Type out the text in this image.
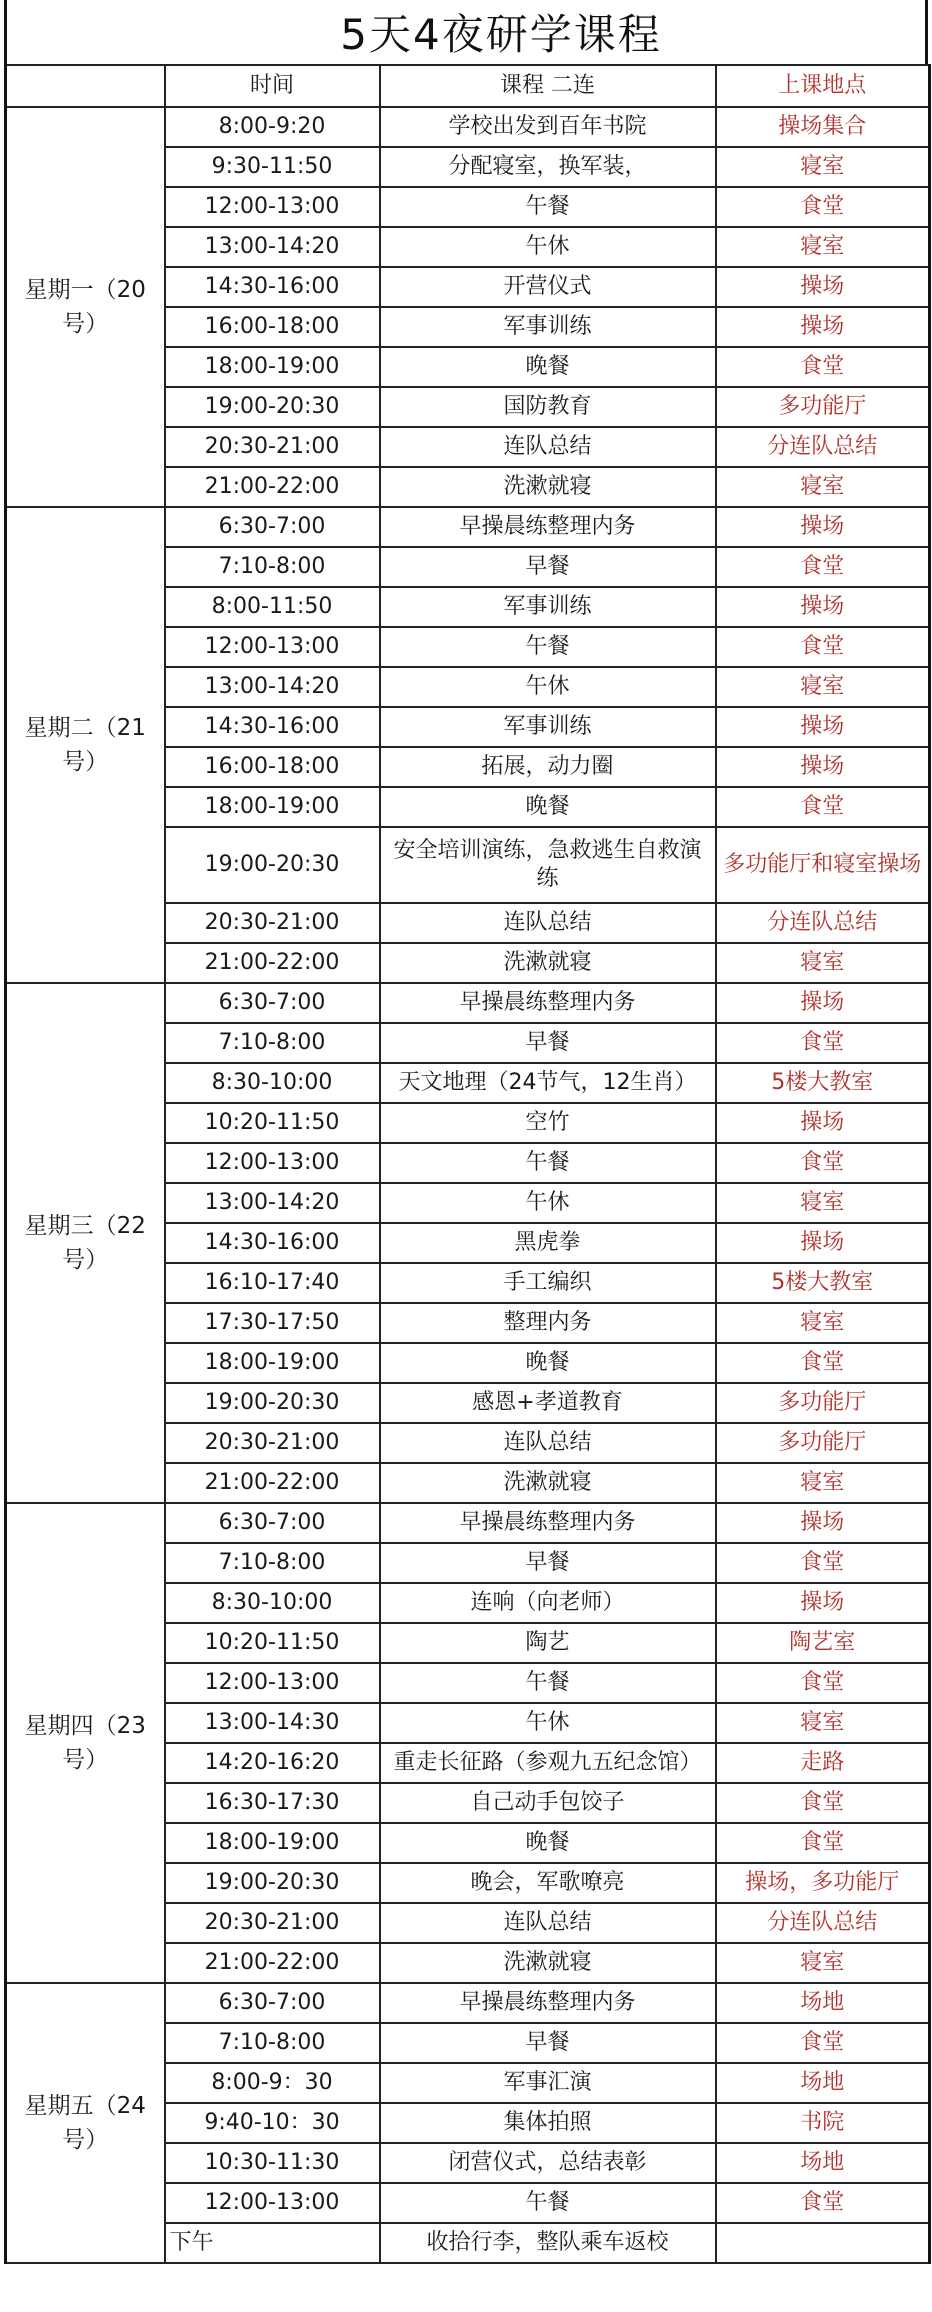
5天4夜研学课程
	时间	课程 二连	上课地点
星期一（20号）	8:00-9:20	学校出发到百年书院	操场集合
	9:30-11:50	分配寝室，换军装，	寝室
	12:00-13:00	午餐	食堂
	13:00-14:20	午休	寝室
	14:30-16:00	开营仪式	操场
	16:00-18:00	军事训练	操场
	18:00-19:00	晚餐	食堂
	19:00-20:30	国防教育	多功能厅
	20:30-21:00	连队总结	分连队总结
	21:00-22:00	洗漱就寝	寝室
星期二（21号）	6:30-7:00	早操晨练整理内务	操场
	7:10-8:00	早餐	食堂
	8:00-11:50	军事训练	操场
	12:00-13:00	午餐	食堂
	13:00-14:20	午休	寝室
	14:30-16:00	军事训练	操场
	16:00-18:00	拓展，动力圈	操场
	18:00-19:00	晚餐	食堂
	19:00-20:30	安全培训演练，急救逃生自救演练	多功能厅和寝室操场
	20:30-21:00	连队总结	分连队总结
	21:00-22:00	洗漱就寝	寝室
星期三（22号）	6:30-7:00	早操晨练整理内务	操场
	7:10-8:00	早餐	食堂
	8:30-10:00	天文地理（24节气，12生肖）	5楼大教室
	10:20-11:50	空竹	操场
	12:00-13:00	午餐	食堂
	13:00-14:20	午休	寝室
	14:30-16:00	黑虎拳	操场
	16:10-17:40	手工编织	5楼大教室
	17:30-17:50	整理内务	寝室
	18:00-19:00	晚餐	食堂
	19:00-20:30	感恩+孝道教育	多功能厅
	20:30-21:00	连队总结	多功能厅
	21:00-22:00	洗漱就寝	寝室
星期四（23号）	6:30-7:00	早操晨练整理内务	操场
	7:10-8:00	早餐	食堂
	8:30-10:00	连响（向老师）	操场
	10:20-11:50	陶艺	陶艺室
	12:00-13:00	午餐	食堂
	13:00-14:30	午休	寝室
	14:20-16:20	重走长征路（参观九五纪念馆）	走路
	16:30-17:30	自己动手包饺子	食堂
	18:00-19:00	晚餐	食堂
	19:00-20:30	晚会，军歌嘹亮	操场，多功能厅
	20:30-21:00	连队总结	分连队总结
	21:00-22:00	洗漱就寝	寝室
星期五（24号）	6:30-7:00	早操晨练整理内务	场地
	7:10-8:00	早餐	食堂
	8:00-9：30	军事汇演	场地
	9:40-10：30	集体拍照	书院
	10:30-11:30	闭营仪式，总结表彰	场地
	12:00-13:00	午餐	食堂
	下午	收拾行李，整队乘车返校	
